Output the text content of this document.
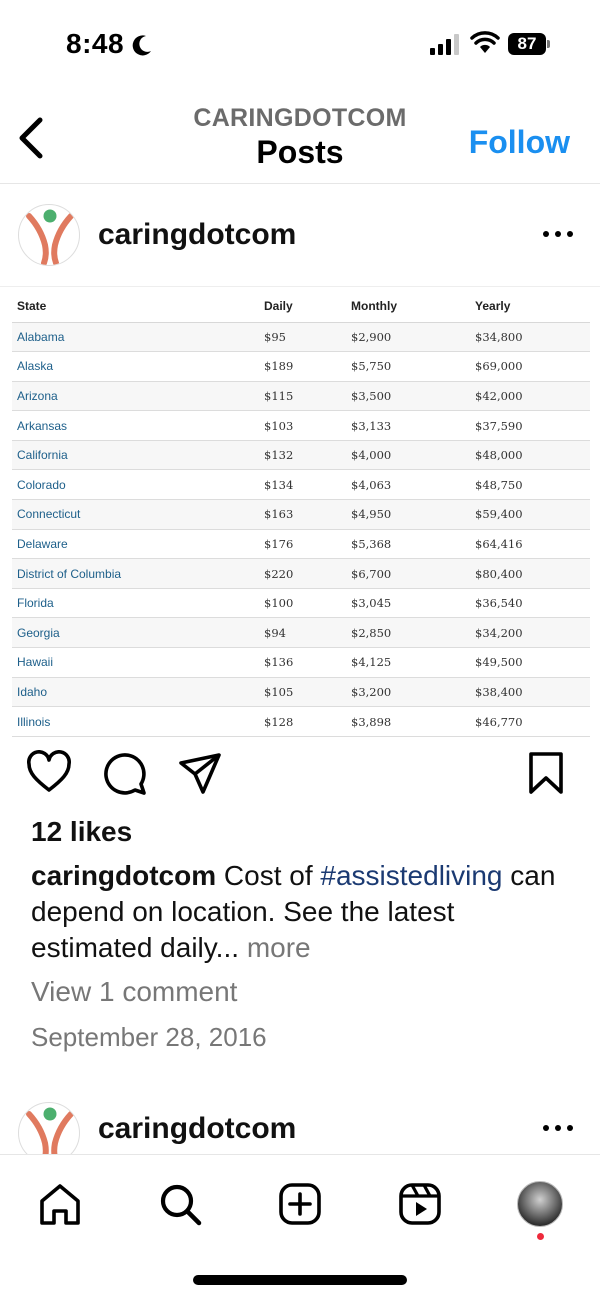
8:48	87
CARINGDOTCOM
Posts	Follow
caringdotcom
State	Daily	Monthly	Yearly
Alabama	$95	$2,900	$34,800
Alaska	$189	$5,750	$69,000
Arizona	$115	$3,500	$42,000
Arkansas	$103	$3,133	$37,590
California	$132	$4,000	$48,000
Colorado	$134	$4,063	$48,750
Connecticut	$163	$4,950	$59,400
Delaware	$176	$5,368	$64,416
District of Columbia	$220	$6,700	$80,400
Florida	$100	$3,045	$36,540
Georgia	$94	$2,850	$34,200
Hawaii	$136	$4,125	$49,500
Idaho	$105	$3,200	$38,400
Illinois	$128	$3,898	$46,770
12 likes
caringdotcom Cost of #assistedliving can depend on location. See the latest estimated daily... more
View 1 comment
September 28, 2016
caringdotcom
